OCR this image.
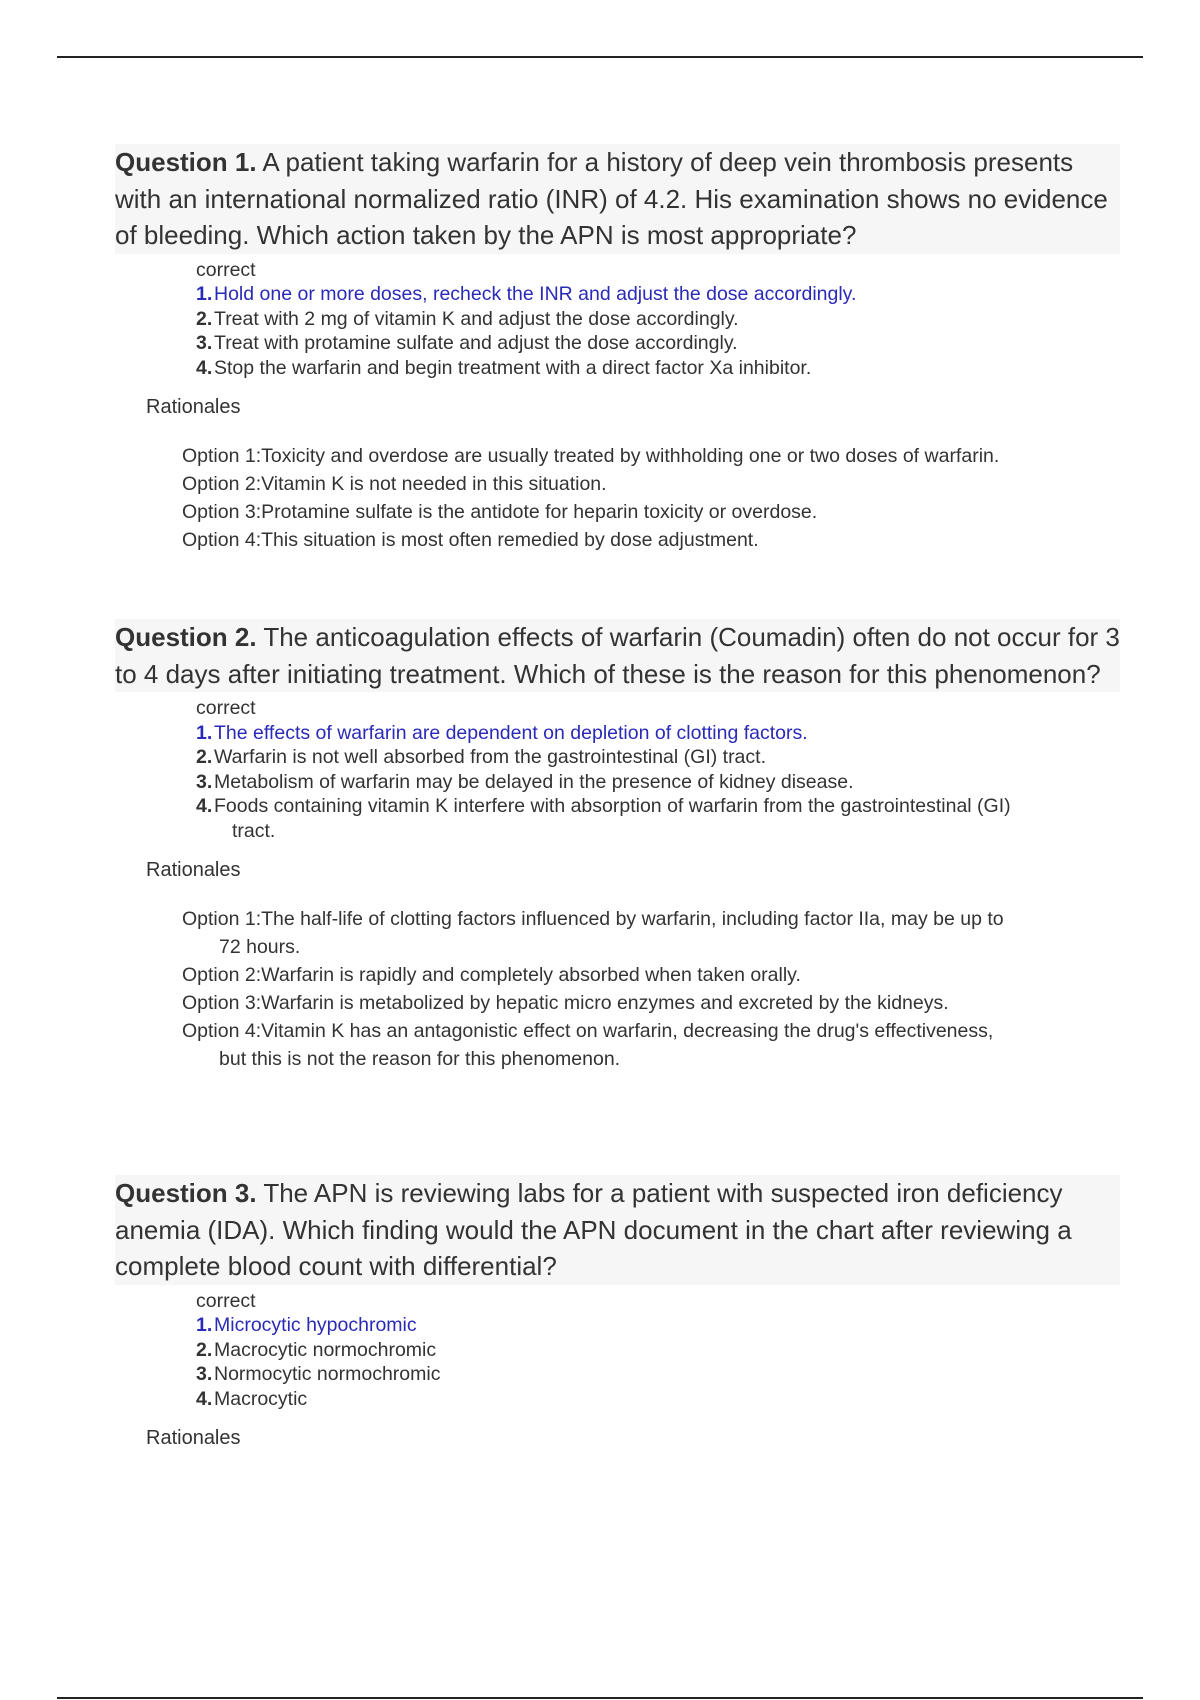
Question 1. A patient taking warfarin for a history of deep vein thrombosis presents with an international normalized ratio (INR) of 4.2. His examination shows no evidence of bleeding. Which action taken by the APN is most appropriate?
correct
1. Hold one or more doses, recheck the INR and adjust the dose accordingly.
2. Treat with 2 mg of vitamin K and adjust the dose accordingly.
3. Treat with protamine sulfate and adjust the dose accordingly.
4. Stop the warfarin and begin treatment with a direct factor Xa inhibitor.
Rationales
Option 1:Toxicity and overdose are usually treated by withholding one or two doses of warfarin.
Option 2:Vitamin K is not needed in this situation.
Option 3:Protamine sulfate is the antidote for heparin toxicity or overdose.
Option 4:This situation is most often remedied by dose adjustment.
Question 2. The anticoagulation effects of warfarin (Coumadin) often do not occur for 3 to 4 days after initiating treatment. Which of these is the reason for this phenomenon?
correct
1. The effects of warfarin are dependent on depletion of clotting factors.
2. Warfarin is not well absorbed from the gastrointestinal (GI) tract.
3. Metabolism of warfarin may be delayed in the presence of kidney disease.
4. Foods containing vitamin K interfere with absorption of warfarin from the gastrointestinal (GI)
tract.
Rationales
Option 1:The half-life of clotting factors influenced by warfarin, including factor IIa, may be up to
72 hours.
Option 2:Warfarin is rapidly and completely absorbed when taken orally.
Option 3:Warfarin is metabolized by hepatic micro enzymes and excreted by the kidneys.
Option 4:Vitamin K has an antagonistic effect on warfarin, decreasing the drug's effectiveness,
but this is not the reason for this phenomenon.
Question 3. The APN is reviewing labs for a patient with suspected iron deficiency anemia (IDA). Which finding would the APN document in the chart after reviewing a complete blood count with differential?
correct
1. Microcytic hypochromic
2. Macrocytic normochromic
3. Normocytic normochromic
4. Macrocytic
Rationales
